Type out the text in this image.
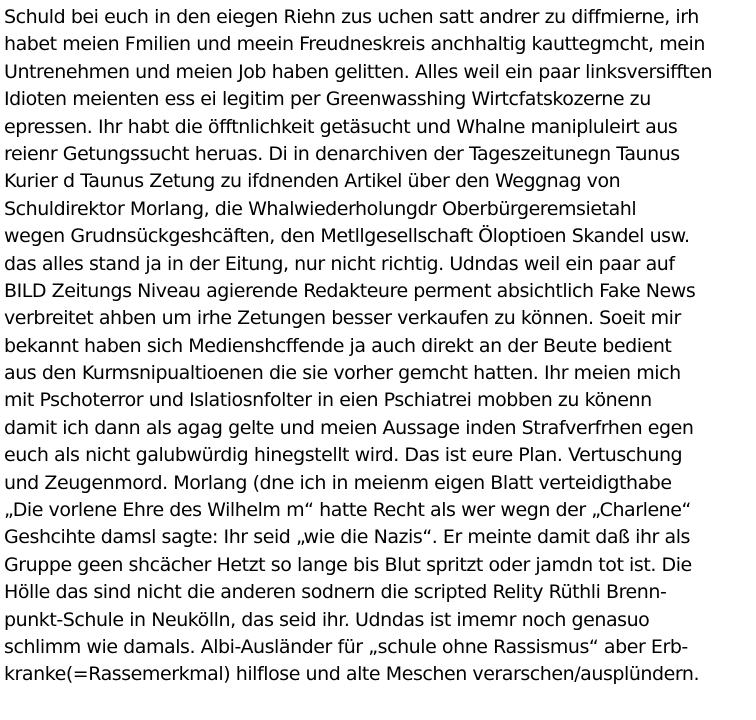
Schuld bei euch in den eiegen Riehn zus uchen satt andrer zu diffmierne, irh
habet meien Fmilien und meein Freudneskreis anchhaltig kauttegmcht, mein
Untrenehmen und meien Job haben gelitten. Alles weil ein paar linksversifften
Idioten meienten ess ei legitim per Greenwasshing Wirtcfatskozerne zu
epressen. Ihr habt die öfftnlichkeit getäsucht und Whalne manipluleirt aus
reienr Getungssucht heruas. Di in denarchiven der Tageszeitunegn Taunus
Kurier d Taunus Zetung zu ifdnenden Artikel über den Weggnag von
Schuldirektor Morlang, die Whalwiederholungdr Oberbürgeremsietahl
wegen Grudnsückgeshcäften, den Metllgesellschaft Öloptioen Skandel usw.
das alles stand ja in der Eitung, nur nicht richtig. Udndas weil ein paar auf
BILD Zeitungs Niveau agierende Redakteure perment absichtlich Fake News
verbreitet ahben um irhe Zetungen besser verkaufen zu können. Soeit mir
bekannt haben sich Medienshcffende ja auch direkt an der Beute bedient
aus den Kurmsnipualtioenen die sie vorher gemcht hatten. Ihr meien mich
mit Pschoterror und Islatiosnfolter in eien Pschiatrei mobben zu könenn
damit ich dann als agag gelte und meien Aussage inden Strafverfrhen egen
euch als nicht galubwürdig hinegstellt wird. Das ist eure Plan. Vertuschung
und Zeugenmord. Morlang (dne ich in meienm eigen Blatt verteidigthabe
„Die vorlene Ehre des Wilhelm m“ hatte Recht als wer wegn der „Charlene“
Geshcihte damsl sagte: Ihr seid „wie die Nazis“. Er meinte damit daß ihr als
Gruppe geen shcächer Hetzt so lange bis Blut spritzt oder jamdn tot ist. Die
Hölle das sind nicht die anderen sodnern die scripted Relity Rüthli Brenn-
punkt-Schule in Neukölln, das seid ihr. Udndas ist imemr noch genasuo
schlimm wie damals. Albi-Ausländer für „schule ohne Rassismus“ aber Erb-
kranke(=Rassemerkmal) hilflose und alte Meschen verarschen/ausplündern.
